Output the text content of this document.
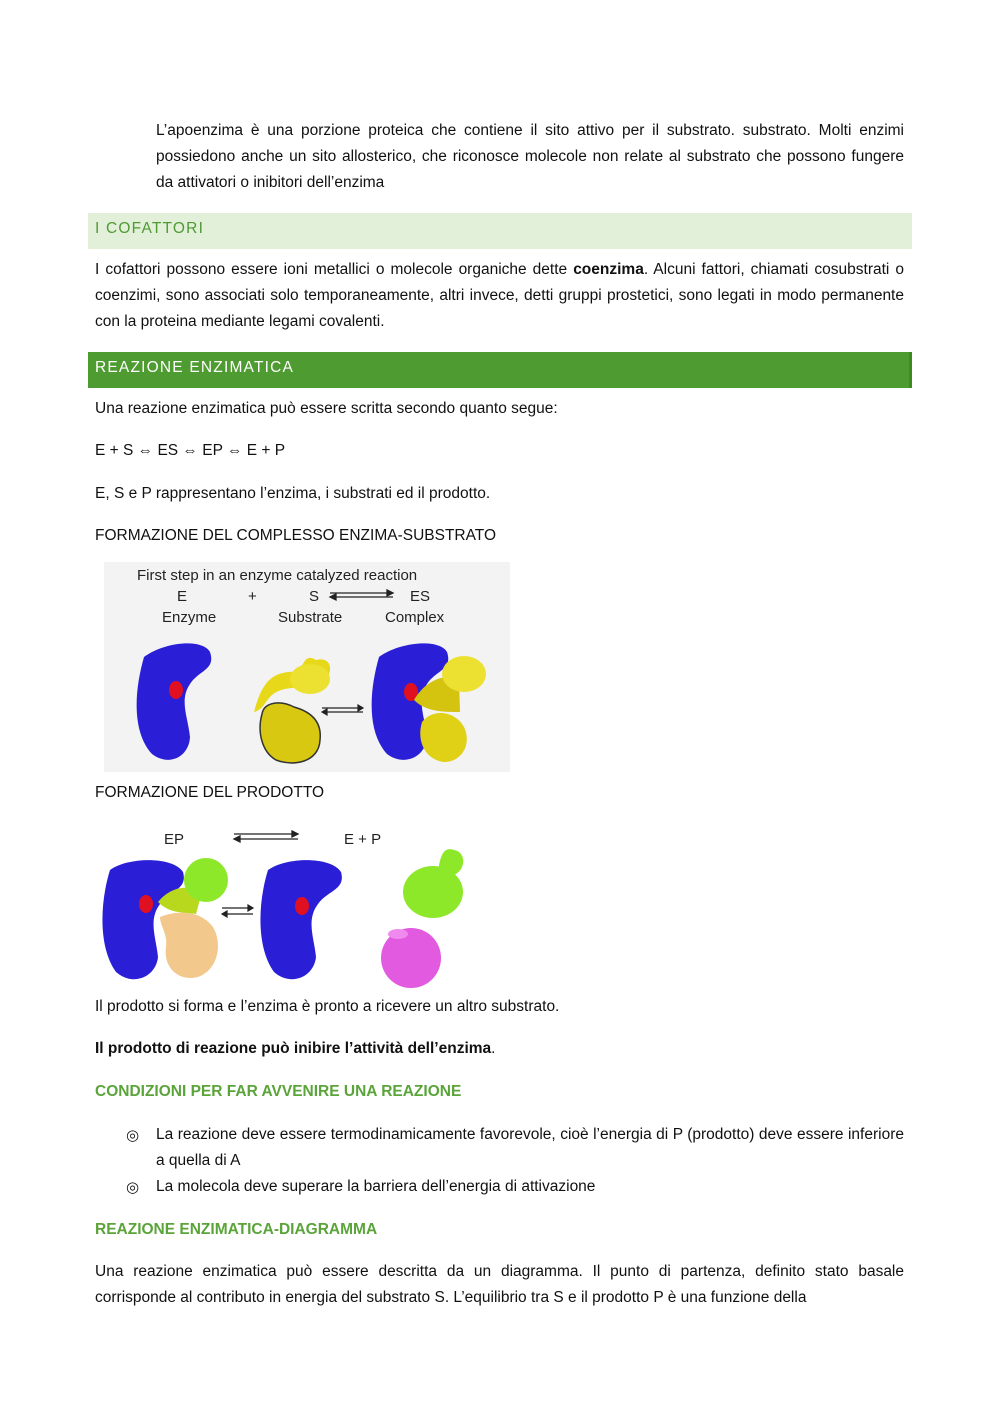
L’apoenzima è una porzione proteica che contiene il sito attivo per il substrato. substrato. Molti enzimi possiedono anche un sito allosterico, che riconosce molecole non relate al substrato che possono fungere da attivatori o inibitori dell’enzima

I COFATTORI

I cofattori possono essere ioni metallici o molecole organiche dette coenzima. Alcuni fattori, chiamati cosubstrati o coenzimi, sono associati solo temporaneamente, altri invece, detti gruppi prostetici, sono legati in modo permanente con la proteina mediante legami covalenti.

REAZIONE ENZIMATICA

Una reazione enzimatica può essere scritta secondo quanto segue:

E + S ⇔ ES ⇔ EP ⇔ E + P

E, S e P rappresentano l’enzima, i substrati ed il prodotto.

FORMAZIONE DEL COMPLESSO ENZIMA-SUBSTRATO

First step in an enzyme catalyzed reaction
E	+	S	ES
Enzyme	Substrate	Complex

FORMAZIONE DEL PRODOTTO

EP	E + P

Il prodotto si forma e l’enzima è pronto a ricevere un altro substrato.

Il prodotto di reazione può inibire l’attività dell’enzima.

CONDIZIONI PER FAR AVVENIRE UNA REAZIONE

◎ La reazione deve essere termodinamicamente favorevole, cioè l’energia di P (prodotto) deve essere inferiore a quella di A

◎ La molecola deve superare la barriera dell’energia di attivazione

REAZIONE ENZIMATICA-DIAGRAMMA

Una reazione enzimatica può essere descritta da un diagramma. Il punto di partenza, definito stato basale corrisponde al contributo in energia del substrato S. L’equilibrio tra S e il prodotto P è una funzione della
